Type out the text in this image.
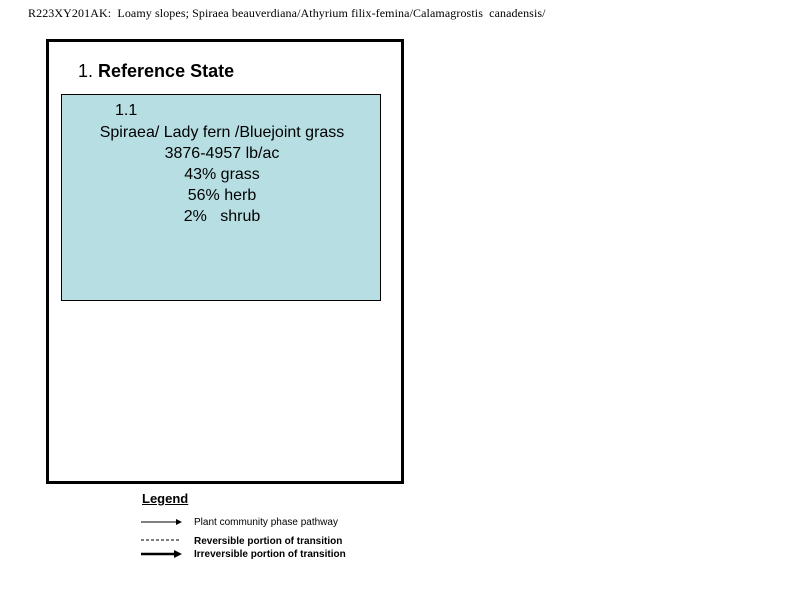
R223XY201AK:  Loamy slopes; Spiraea beauverdiana/Athyrium filix-femina/Calamagrostis  canadensis/
1. Reference State
1.1
Spiraea/ Lady fern /Bluejoint grass
3876-4957 lb/ac
43% grass
56% herb
2%   shrub
Legend
Plant community phase pathway
Reversible portion of transition
Irreversible portion of transition
